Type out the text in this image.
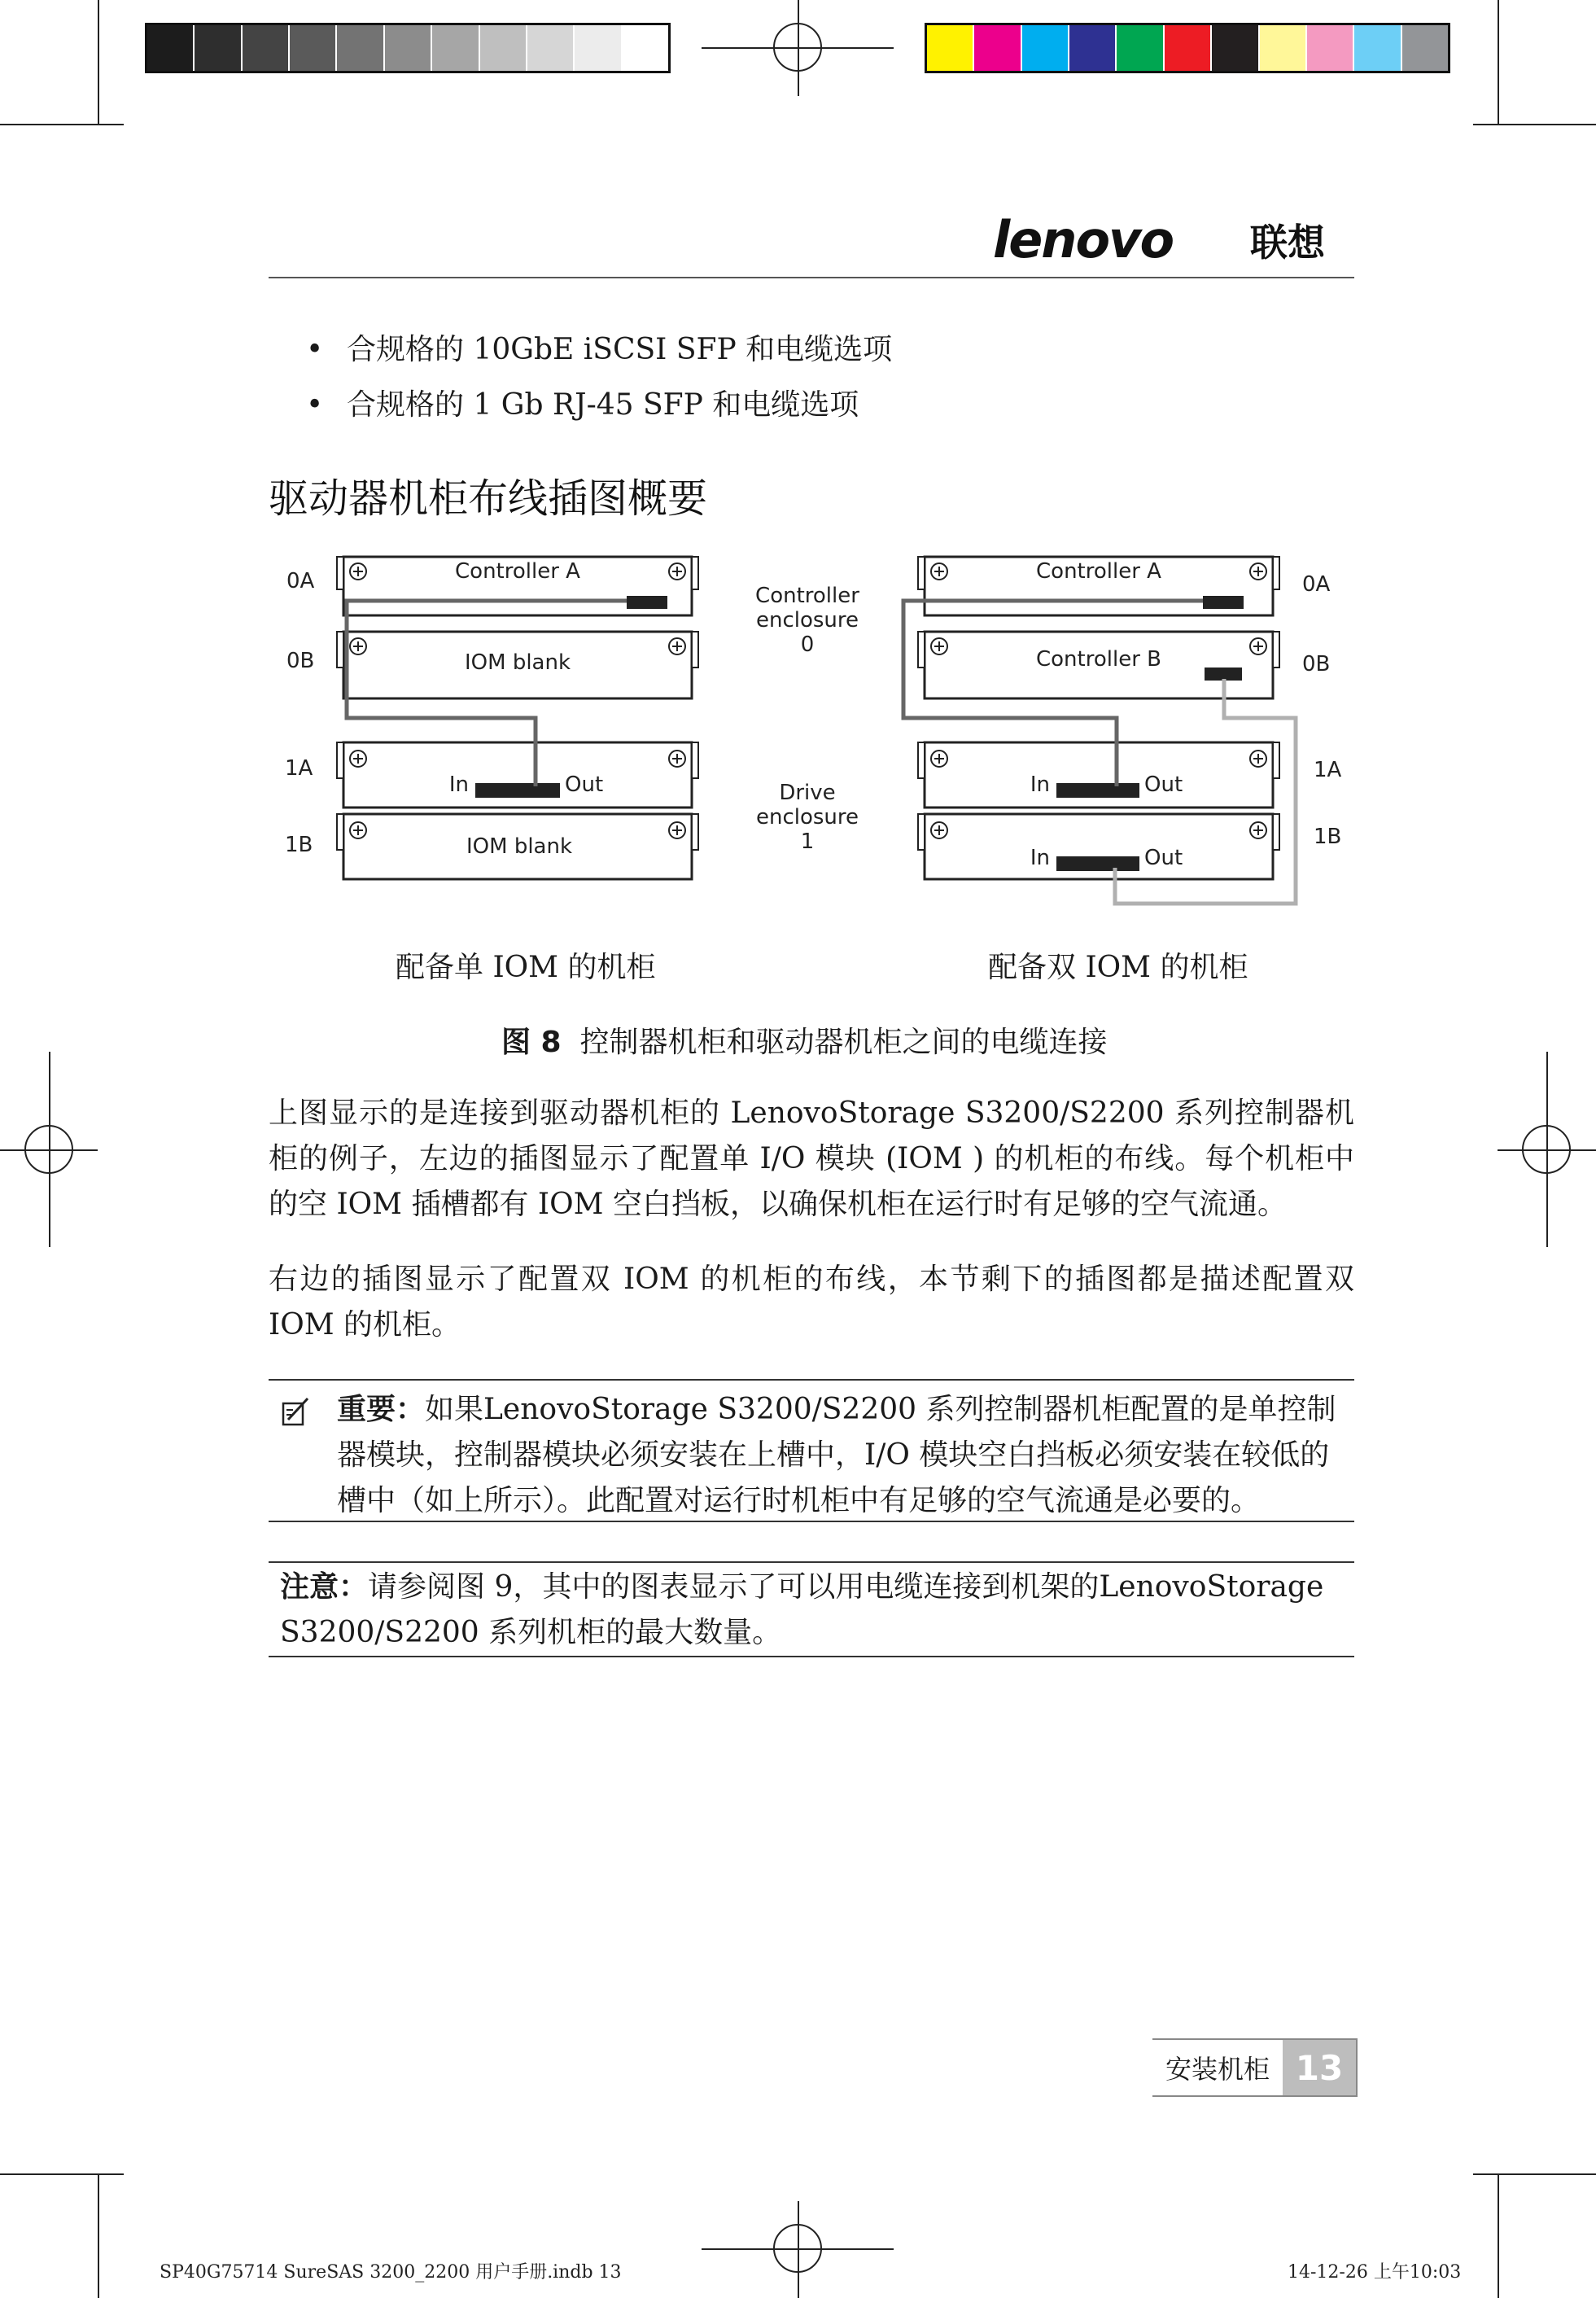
lenovo 联想
• 合规格的 10GbE iSCSI SFP 和电缆选项
• 合规格的 1 Gb RJ-45 SFP 和电缆选项
驱动器机柜布线插图概要
Controller A
IOM blank
In	Out
IOM blank
0A
0B
1A
1B
Controller
enclosure
0
Drive
enclosure
1
Controller A
Controller B
In
In
Out
Out
0A
0B
1A
1B
配备单 IOM 的机柜	配备双 IOM 的机柜
图 8 控制器机柜和驱动器机柜之间的电缆连接
上图显示的是连接到驱动器机柜的 LenovoStorage S3200/S2200 系列控制器机柜的例子，左边的插图显示了配置单 I/O 模块 (IOM ) 的机柜的布线。每个机柜中的空 IOM 插槽都有 IOM 空白挡板，以确保机柜在运行时有足够的空气流通。
右边的插图显示了配置双 IOM 的机柜的布线，本节剩下的插图都是描述配置双 IOM 的机柜。
重要：如果LenovoStorage S3200/S2200 系列控制器机柜配置的是单控制器模块，控制器模块必须安装在上槽中，I/O 模块空白挡板必须安装在较低的槽中（如上所示）。此配置对运行时机柜中有足够的空气流通是必要的。
注意：请参阅图 9，其中的图表显示了可以用电缆连接到机架的LenovoStorage S3200/S2200 系列机柜的最大数量。
安装机柜 13
SP40G75714 SureSAS 3200_2200 用户手册.indb 13	14-12-26 上午10:03
